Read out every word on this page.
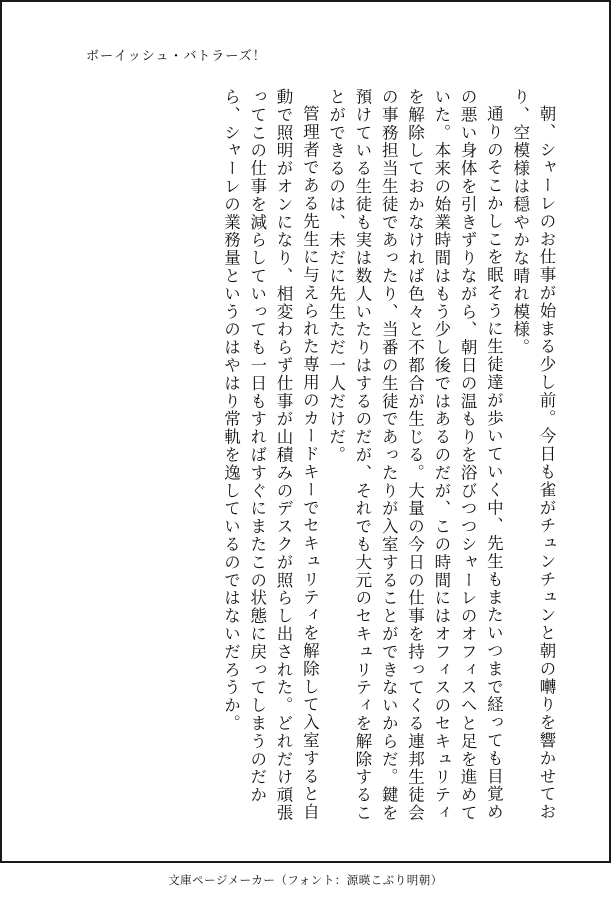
ボーイッシュ・バトラーズ！

朝、シャーレのお仕事が始まる少し前。今日も雀がチュンチュンと朝の囀りを響かせており、空模様は穏やかな晴れ模様。

通りのそこかしこを眠そうに生徒達が歩いていく中、先生もまたいつまで経っても目覚めの悪い身体を引きずりながら、朝日の温もりを浴びつつシャーレのオフィスへと足を進めていた。本来の始業時間はもう少し後ではあるのだが、この時間にはオフィスのセキュリティを解除しておかなければ色々と不都合が生じる。大量の今日の仕事を持ってくる連邦生徒会の事務担当生徒であったり、当番の生徒であったりが入室することができないからだ。鍵を預けている生徒も実は数人いたりはするのだが、それでも大元のセキュリティを解除することができるのは、未だに先生ただ一人だけだ。

管理者である先生に与えられた専用のカードキーでセキュリティを解除して入室すると自動で照明がオンになり、相変わらず仕事が山積みのデスクが照らし出された。どれだけ頑張ってこの仕事を減らしていっても一日もすればすぐにまたこの状態に戻ってしまうのだから、シャーレの業務量というのはやはり常軌を逸しているのではないだろうか。

文庫ページメーカー（フォント：源暎こぶり明朝）
